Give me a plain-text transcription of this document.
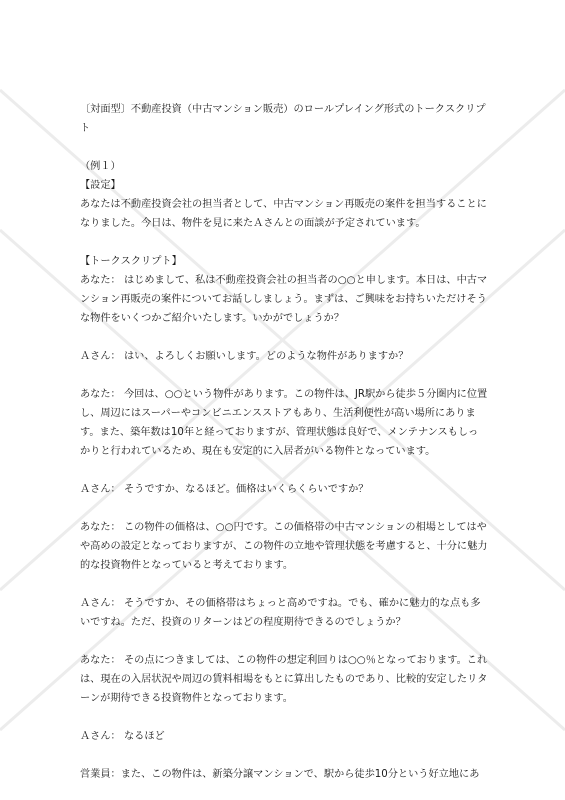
〔対面型〕不動産投資（中古マンション販売）のロールプレイング形式のトークスクリプト

（例１）

【設定】

あなたは不動産投資会社の担当者として、中古マンション再販売の案件を担当することになりました。今日は、物件を見に来たＡさんとの面談が予定されています。

【トークスクリプト】

あなた： はじめまして、私は不動産投資会社の担当者の○○と申します。本日は、中古マンション再販売の案件についてお話ししましょう。まずは、ご興味をお持ちいただけそうな物件をいくつかご紹介いたします。いかがでしょうか？

Ａさん： はい、よろしくお願いします。どのような物件がありますか？

あなた： 今回は、○○という物件があります。この物件は、JR駅から徒歩５分圏内に位置し、周辺にはスーパーやコンビニエンスストアもあり、生活利便性が高い場所にあります。また、築年数は10年と経っておりますが、管理状態は良好で、メンテナンスもしっかりと行われているため、現在も安定的に入居者がいる物件となっています。

Ａさん： そうですか、なるほど。価格はいくらくらいですか？

あなた： この物件の価格は、○○円です。この価格帯の中古マンションの相場としてはやや高めの設定となっておりますが、この物件の立地や管理状態を考慮すると、十分に魅力的な投資物件となっていると考えております。

Ａさん： そうですか、その価格帯はちょっと高めですね。でも、確かに魅力的な点も多いですね。ただ、投資のリターンはどの程度期待できるのでしょうか？

あなた： その点につきましては、この物件の想定利回りは○○％となっております。これは、現在の入居状況や周辺の賃料相場をもとに算出したものであり、比較的安定したリターンが期待できる投資物件となっております。

Ａさん： なるほど

営業員：また、この物件は、新築分譲マンションで、駅から徒歩10分という好立地にあ
